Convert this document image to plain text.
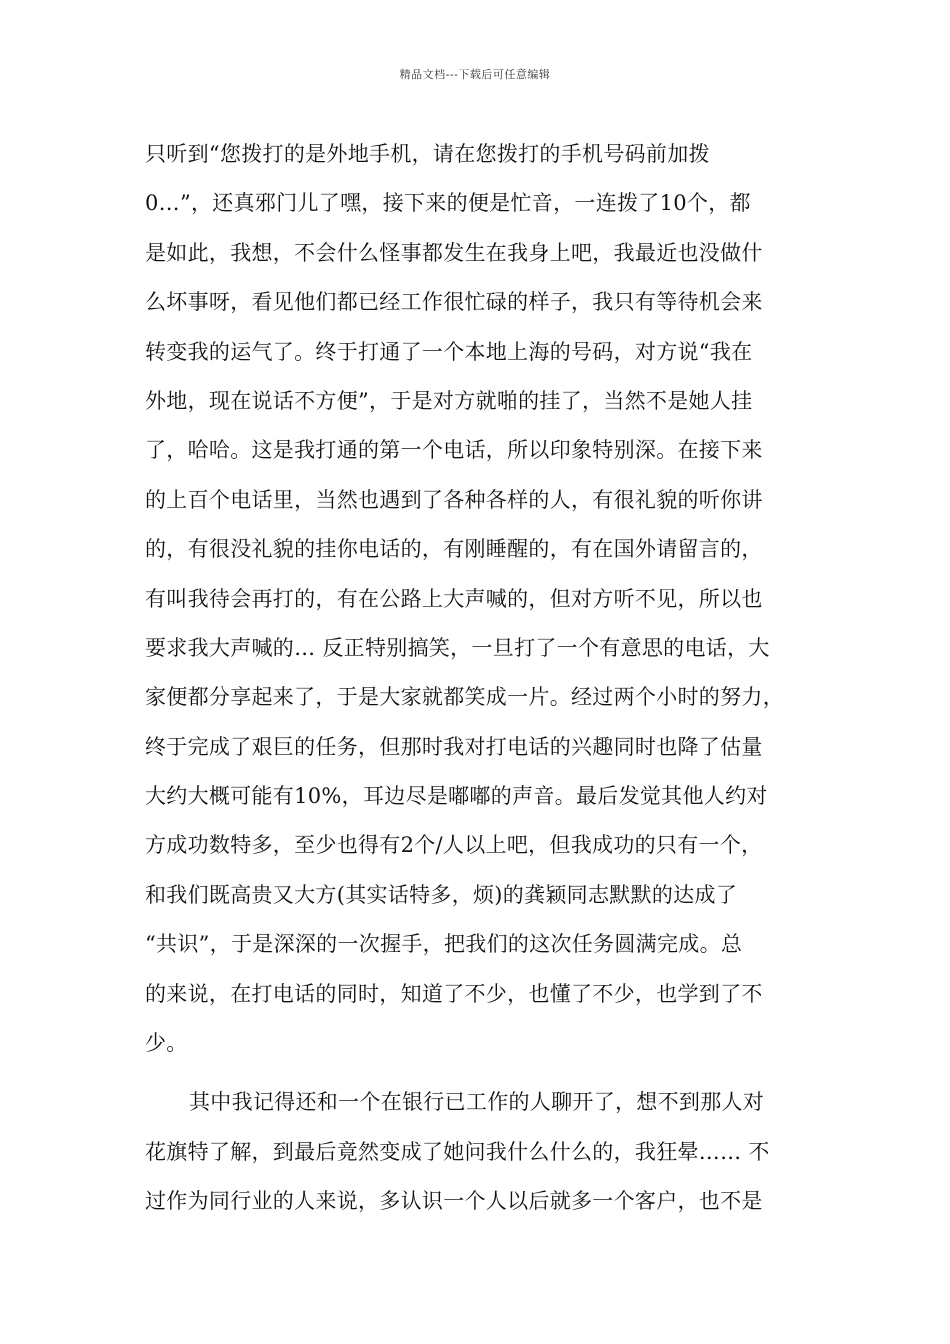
精品文档---下载后可任意编辑
只听到“您拨打的是外地手机，请在您拨打的手机号码前加拨
0…”，还真邪门儿了嘿，接下来的便是忙音，一连拨了10个，都
是如此，我想，不会什么怪事都发生在我身上吧，我最近也没做什
么坏事呀，看见他们都已经工作很忙碌的样子，我只有等待机会来
转变我的运气了。终于打通了一个本地上海的号码，对方说“我在
外地，现在说话不方便”，于是对方就啪的挂了，当然不是她人挂
了，哈哈。这是我打通的第一个电话，所以印象特别深。在接下来
的上百个电话里，当然也遇到了各种各样的人，有很礼貌的听你讲
的，有很没礼貌的挂你电话的，有刚睡醒的，有在国外请留言的，
有叫我待会再打的，有在公路上大声喊的，但对方听不见，所以也
要求我大声喊的… 反正特别搞笑，一旦打了一个有意思的电话，大
家便都分享起来了，于是大家就都笑成一片。经过两个小时的努力，
终于完成了艰巨的任务，但那时我对打电话的兴趣同时也降了估量
大约大概可能有10%，耳边尽是嘟嘟的声音。最后发觉其他人约对
方成功数特多，至少也得有2个/人以上吧，但我成功的只有一个，
和我们既高贵又大方(其实话特多，烦)的龚颖同志默默的达成了
“共识”，于是深深的一次握手，把我们的这次任务圆满完成。总
的来说，在打电话的同时，知道了不少，也懂了不少，也学到了不
少。
其中我记得还和一个在银行已工作的人聊开了，想不到那人对
花旗特了解，到最后竟然变成了她问我什么什么的，我狂晕…… 不
过作为同行业的人来说，多认识一个人以后就多一个客户，也不是
